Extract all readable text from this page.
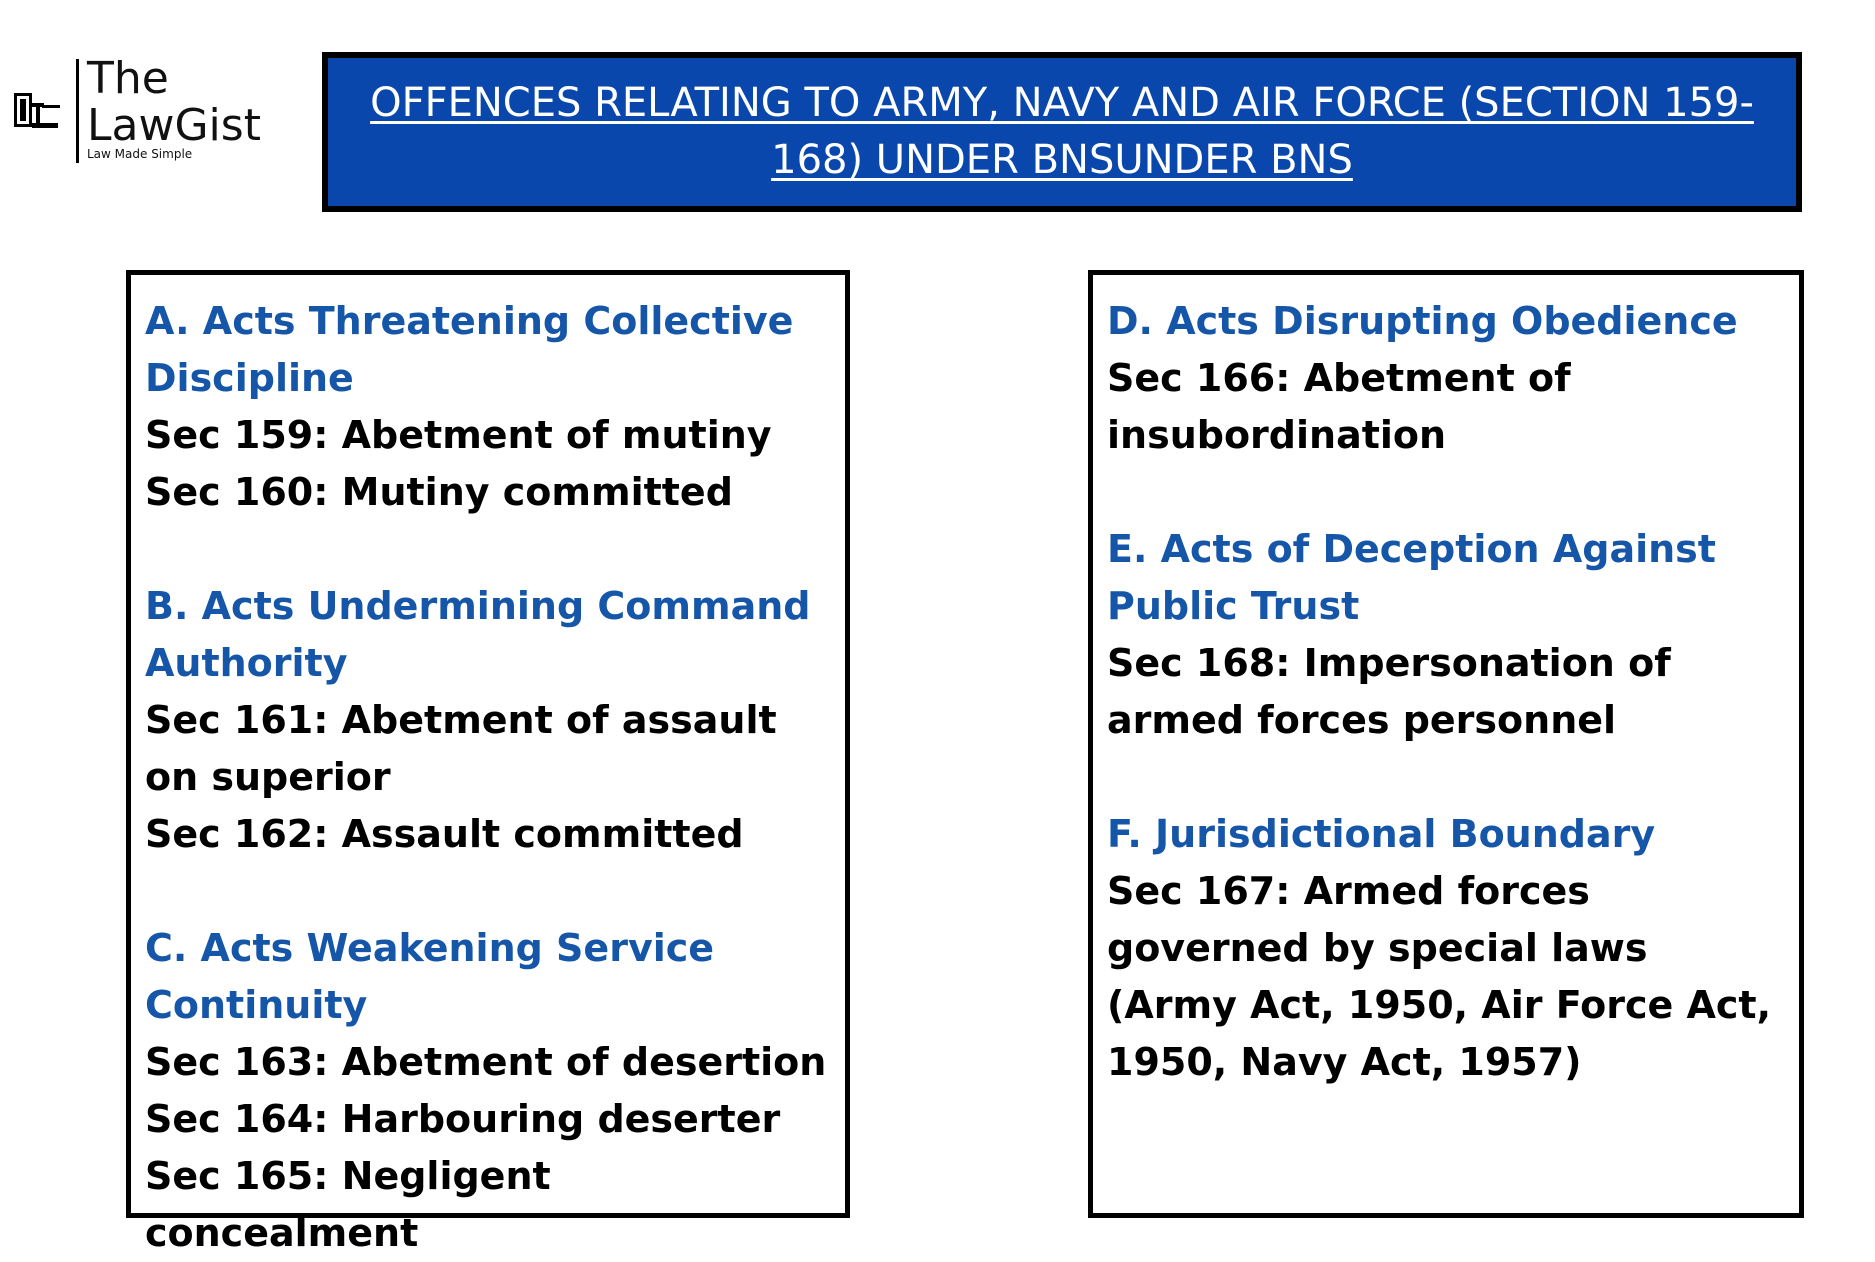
The
LawGist
Law Made Simple

OFFENCES RELATING TO ARMY, NAVY AND AIR FORCE (SECTION 159- 168) UNDER BNSUNDER BNS

A. Acts Threatening Collective Discipline

Sec 159: Abetment of mutiny

Sec 160: Mutiny committed

B. Acts Undermining Command Authority

Sec 161: Abetment of assault on superior

Sec 162: Assault committed

C. Acts Weakening Service Continuity

Sec 163: Abetment of desertion

Sec 164: Harbouring deserter

Sec 165: Negligent concealment

D. Acts Disrupting Obedience

Sec 166: Abetment of insubordination

E. Acts of Deception Against Public Trust

Sec 168: Impersonation of armed forces personnel

F. Jurisdictional Boundary

Sec 167: Armed forces governed by special laws (Army Act, 1950, Air Force Act, 1950, Navy Act, 1957)
